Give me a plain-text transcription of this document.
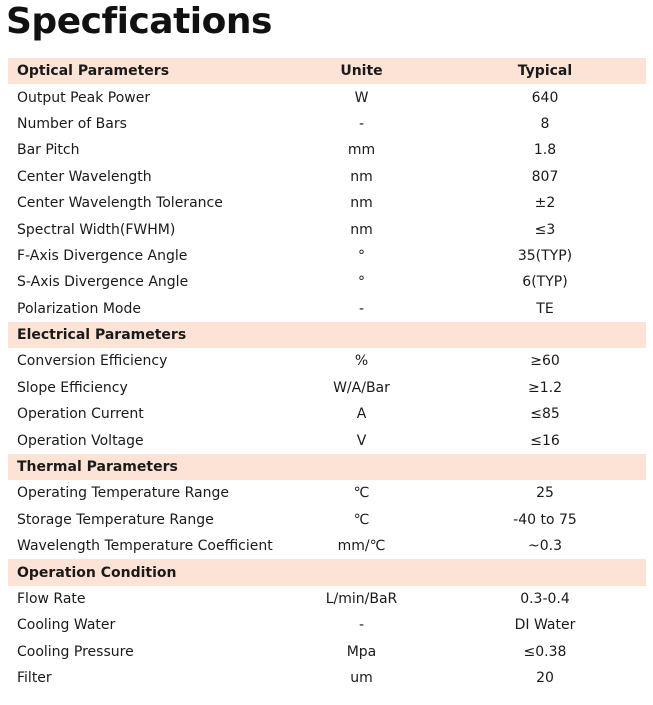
Specfications
Optical Parameters	Unite	Typical
Output Peak Power	W	640
Number of Bars	-	8
Bar Pitch	mm	1.8
Center Wavelength	nm	807
Center Wavelength Tolerance	nm	±2
Spectral Width(FWHM)	nm	≤3
F-Axis Divergence Angle	°	35(TYP)
S-Axis Divergence Angle	°	6(TYP)
Polarization Mode	-	TE
Electrical Parameters		
Conversion Efficiency	%	≥60
Slope Efficiency	W/A/Bar	≥1.2
Operation Current	A	≤85
Operation Voltage	V	≤16
Thermal Parameters		
Operating Temperature Range	℃	25
Storage Temperature Range	℃	-40 to 75
Wavelength Temperature Coefficient	mm/℃	~0.3
Operation Condition		
Flow Rate	L/min/BaR	0.3-0.4
Cooling Water	-	DI Water
Cooling Pressure	Mpa	≤0.38
Filter	um	20
